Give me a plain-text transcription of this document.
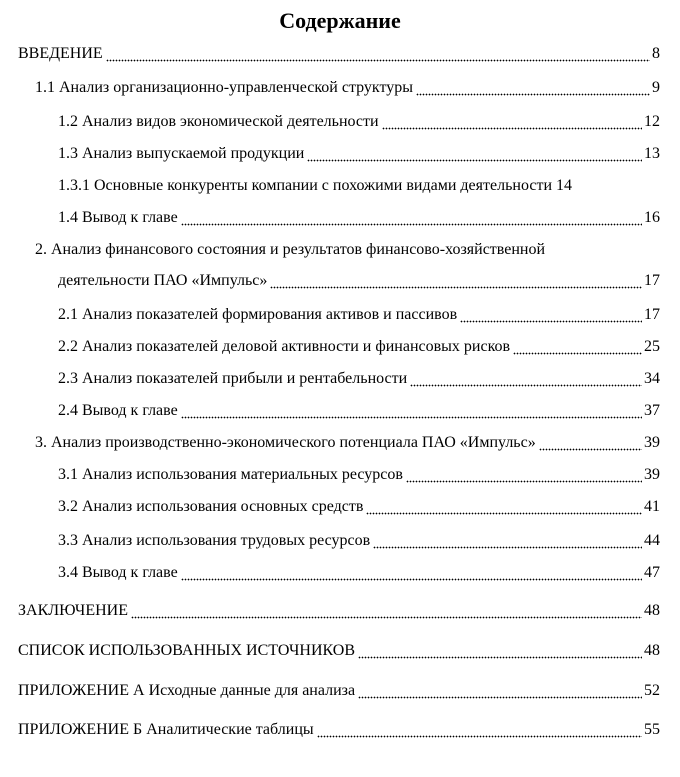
Содержание
ВВЕДЕНИЕ	8
1.1 Анализ организационно-управленческой структуры	9
1.2 Анализ видов экономической деятельности	12
1.3 Анализ выпускаемой продукции	13
1.3.1 Основные конкуренты компании с похожими видами деятельности 14
1.4 Вывод к главе	16
2. Анализ финансового состояния и результатов финансово-хозяйственной
деятельности ПАО «Импульс»	17
2.1 Анализ показателей формирования активов и пассивов	17
2.2 Анализ показателей деловой активности и финансовых рисков	25
2.3 Анализ показателей прибыли и рентабельности	34
2.4 Вывод к главе	37
3. Анализ производственно-экономического потенциала ПАО «Импульс»	39
3.1 Анализ использования материальных ресурсов	39
3.2 Анализ использования основных средств	41
3.3 Анализ использования трудовых ресурсов	44
3.4 Вывод к главе	47
ЗАКЛЮЧЕНИЕ	48
СПИСОК ИСПОЛЬЗОВАННЫХ ИСТОЧНИКОВ	48
ПРИЛОЖЕНИЕ А Исходные данные для анализа	52
ПРИЛОЖЕНИЕ Б Аналитические таблицы	55
